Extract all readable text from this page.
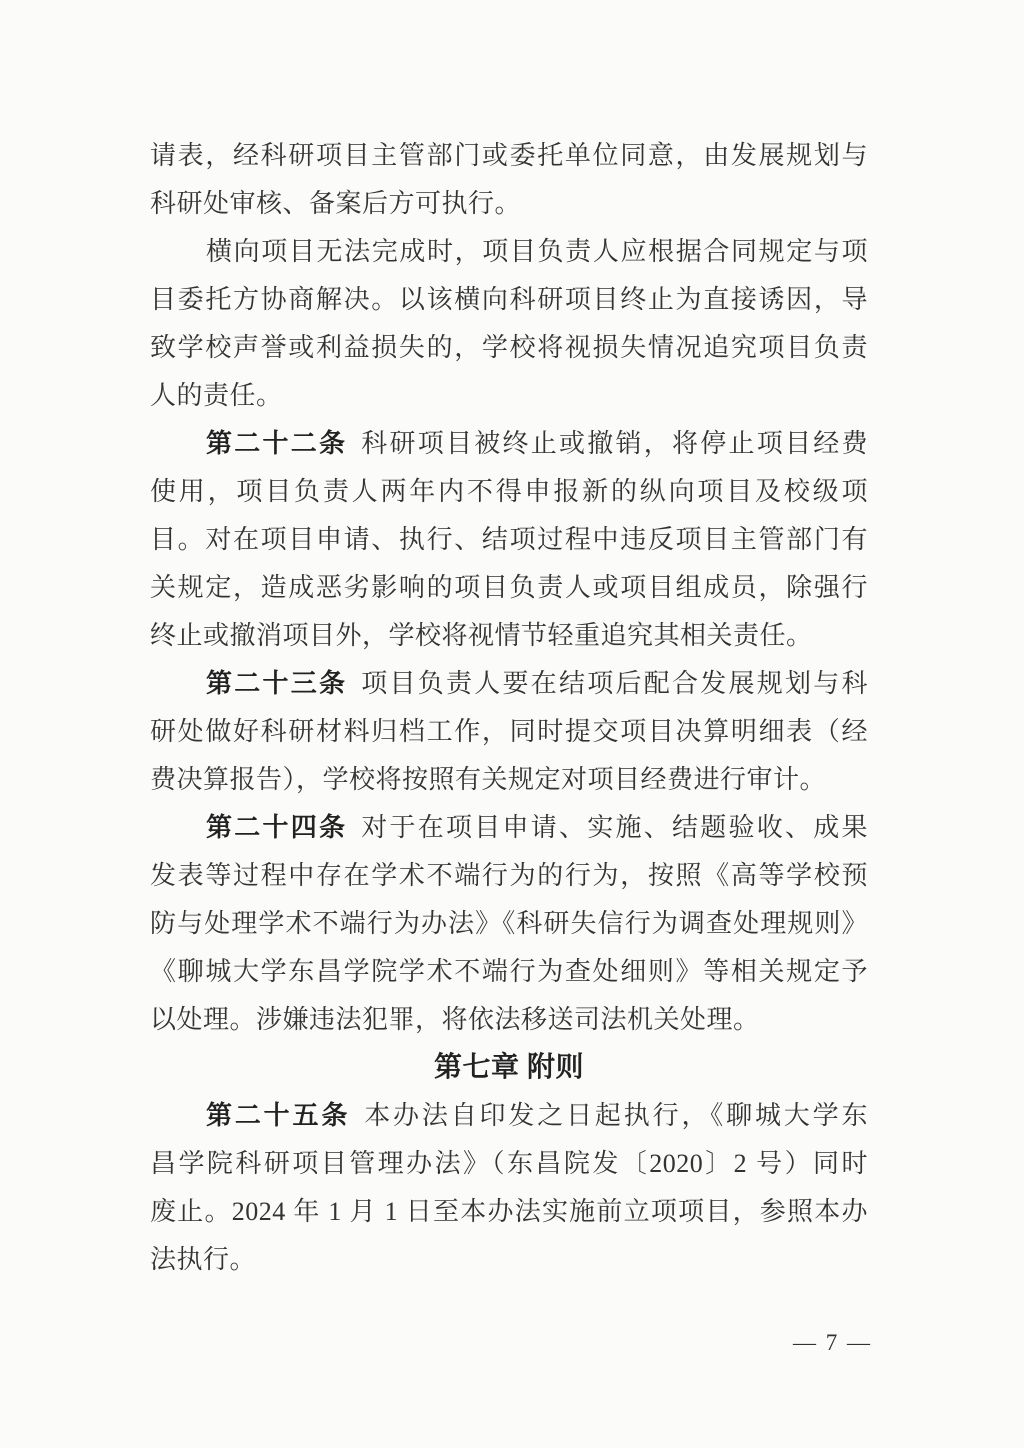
请表，经科研项目主管部门或委托单位同意，由发展规划与
科研处审核、备案后方可执行。
横向项目无法完成时，项目负责人应根据合同规定与项
目委托方协商解决。以该横向科研项目终止为直接诱因，导
致学校声誉或利益损失的，学校将视损失情况追究项目负责
人的责任。
第二十二条 科研项目被终止或撤销，将停止项目经费
使用，项目负责人两年内不得申报新的纵向项目及校级项
目。对在项目申请、执行、结项过程中违反项目主管部门有
关规定，造成恶劣影响的项目负责人或项目组成员，除强行
终止或撤消项目外，学校将视情节轻重追究其相关责任。
第二十三条 项目负责人要在结项后配合发展规划与科
研处做好科研材料归档工作，同时提交项目决算明细表（经
费决算报告），学校将按照有关规定对项目经费进行审计。
第二十四条 对于在项目申请、实施、结题验收、成果
发表等过程中存在学术不端行为的行为，按照《高等学校预
防与处理学术不端行为办法》《科研失信行为调查处理规则》
《聊城大学东昌学院学术不端行为查处细则》等相关规定予
以处理。涉嫌违法犯罪，将依法移送司法机关处理。
第七章 附则
第二十五条 本办法自印发之日起执行，《聊城大学东
昌学院科研项目管理办法》（东昌院发〔2020〕2 号）同时
废止。2024 年 1 月 1 日至本办法实施前立项项目，参照本办
法执行。
— 7 —
